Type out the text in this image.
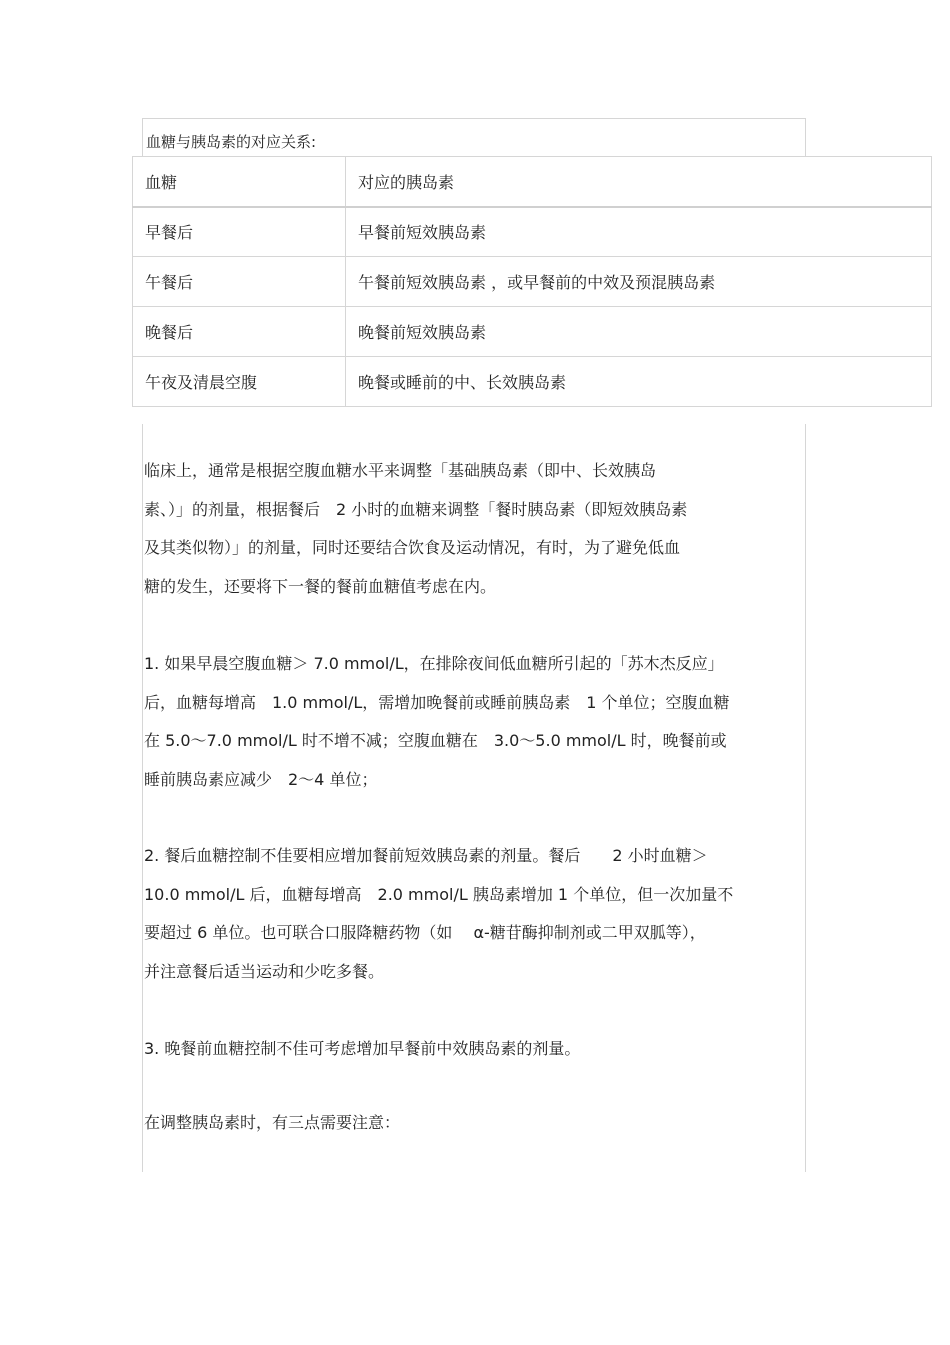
血糖与胰岛素的对应关系:
血糖	对应的胰岛素
早餐后	早餐前短效胰岛素
午餐后	午餐前短效胰岛素 ，或早餐前的中效及预混胰岛素
晚餐后	晚餐前短效胰岛素
午夜及清晨空腹	晚餐或睡前的中、长效胰岛素

临床上，通常是根据空腹血糖水平来调整「基础胰岛素（即中、长效胰岛
素、）」的剂量，根据餐后　2 小时的血糖来调整「餐时胰岛素（即短效胰岛素
及其类似物）」的剂量，同时还要结合饮食及运动情况，有时，为了避免低血
糖的发生，还要将下一餐的餐前血糖值考虑在内。

1. 如果早晨空腹血糖＞ 7.0 mmol/L，在排除夜间低血糖所引起的「苏木杰反应」
后，血糖每增高　1.0 mmol/L，需增加晚餐前或睡前胰岛素　1 个单位；空腹血糖
在 5.0～7.0 mmol/L 时不增不减；空腹血糖在　3.0～5.0 mmol/L 时，晚餐前或
睡前胰岛素应减少　2～4 单位；

2. 餐后血糖控制不佳要相应增加餐前短效胰岛素的剂量。餐后　　2 小时血糖＞
10.0 mmol/L 后，血糖每增高　2.0 mmol/L 胰岛素增加 1 个单位，但一次加量不
要超过 6 单位。也可联合口服降糖药物（如　 α-糖苷酶抑制剂或二甲双胍等），
并注意餐后适当运动和少吃多餐。

3. 晚餐前血糖控制不佳可考虑增加早餐前中效胰岛素的剂量。

在调整胰岛素时，有三点需要注意：
